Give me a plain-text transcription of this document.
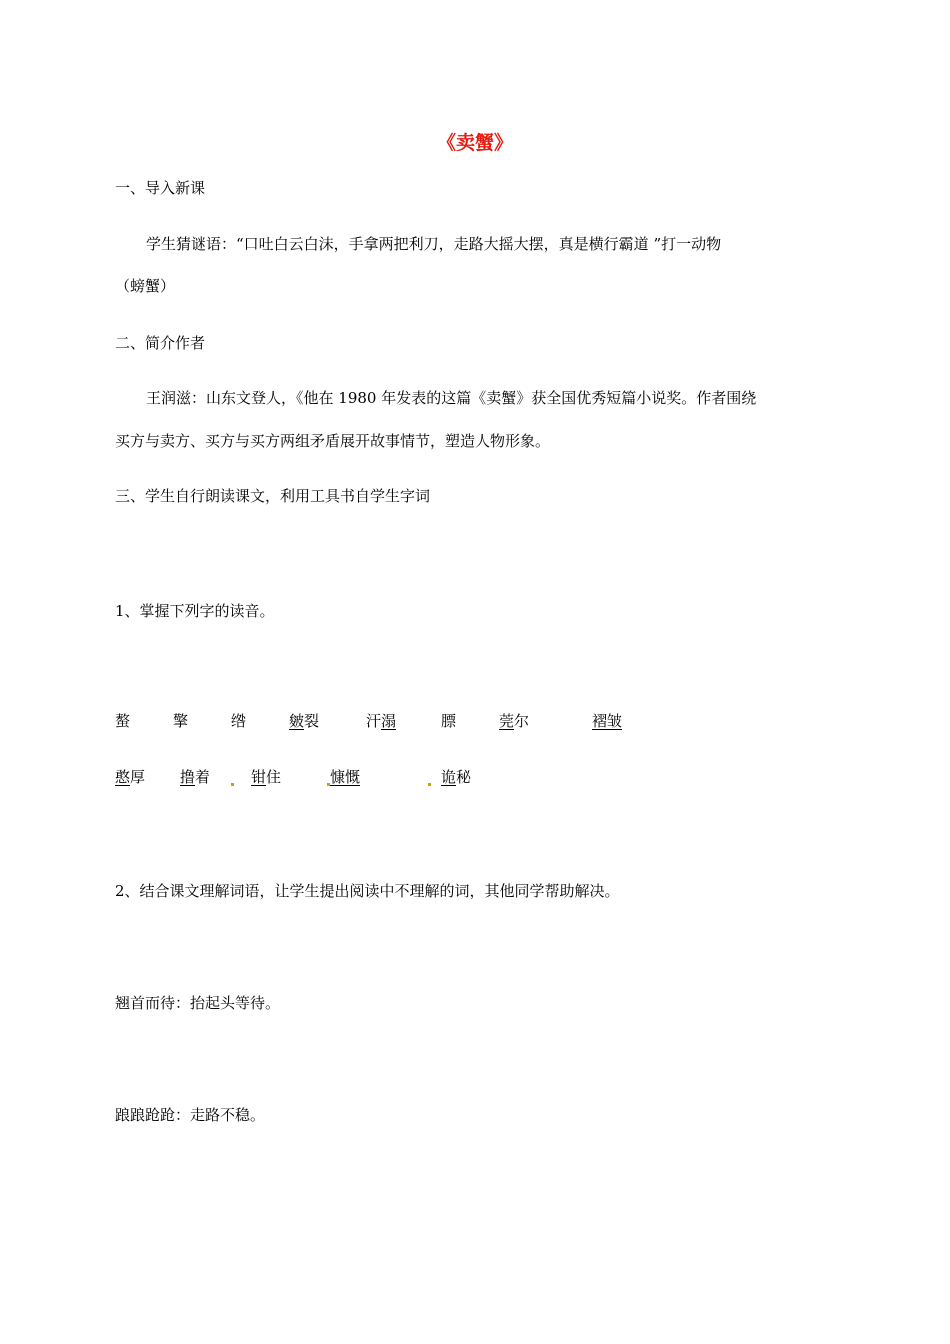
《卖蟹》
一、导入新课
学生猜谜语：“口吐白云白沫，手拿两把利刀，走路大摇大摆，真是横行霸道 ”打一动物
（螃蟹）
二、简介作者
王润滋：山东文登人，《他在 1980 年发表的这篇《卖蟹》获全国优秀短篇小说奖。作者围绕
买方与卖方、买方与买方两组矛盾展开故事情节，塑造人物形象。
三、学生自行朗读课文，利用工具书自学生字词
1、掌握下列字的读音。
螯	擎	绺	皴裂	汗溻	膘	莞尔	褶皱
憨厚 撸着	钳住	慷慨	诡秘
2、结合课文理解词语，让学生提出阅读中不理解的词，其他同学帮助解决。
翘首而待：抬起头等待。
踉踉跄跄：走路不稳。
